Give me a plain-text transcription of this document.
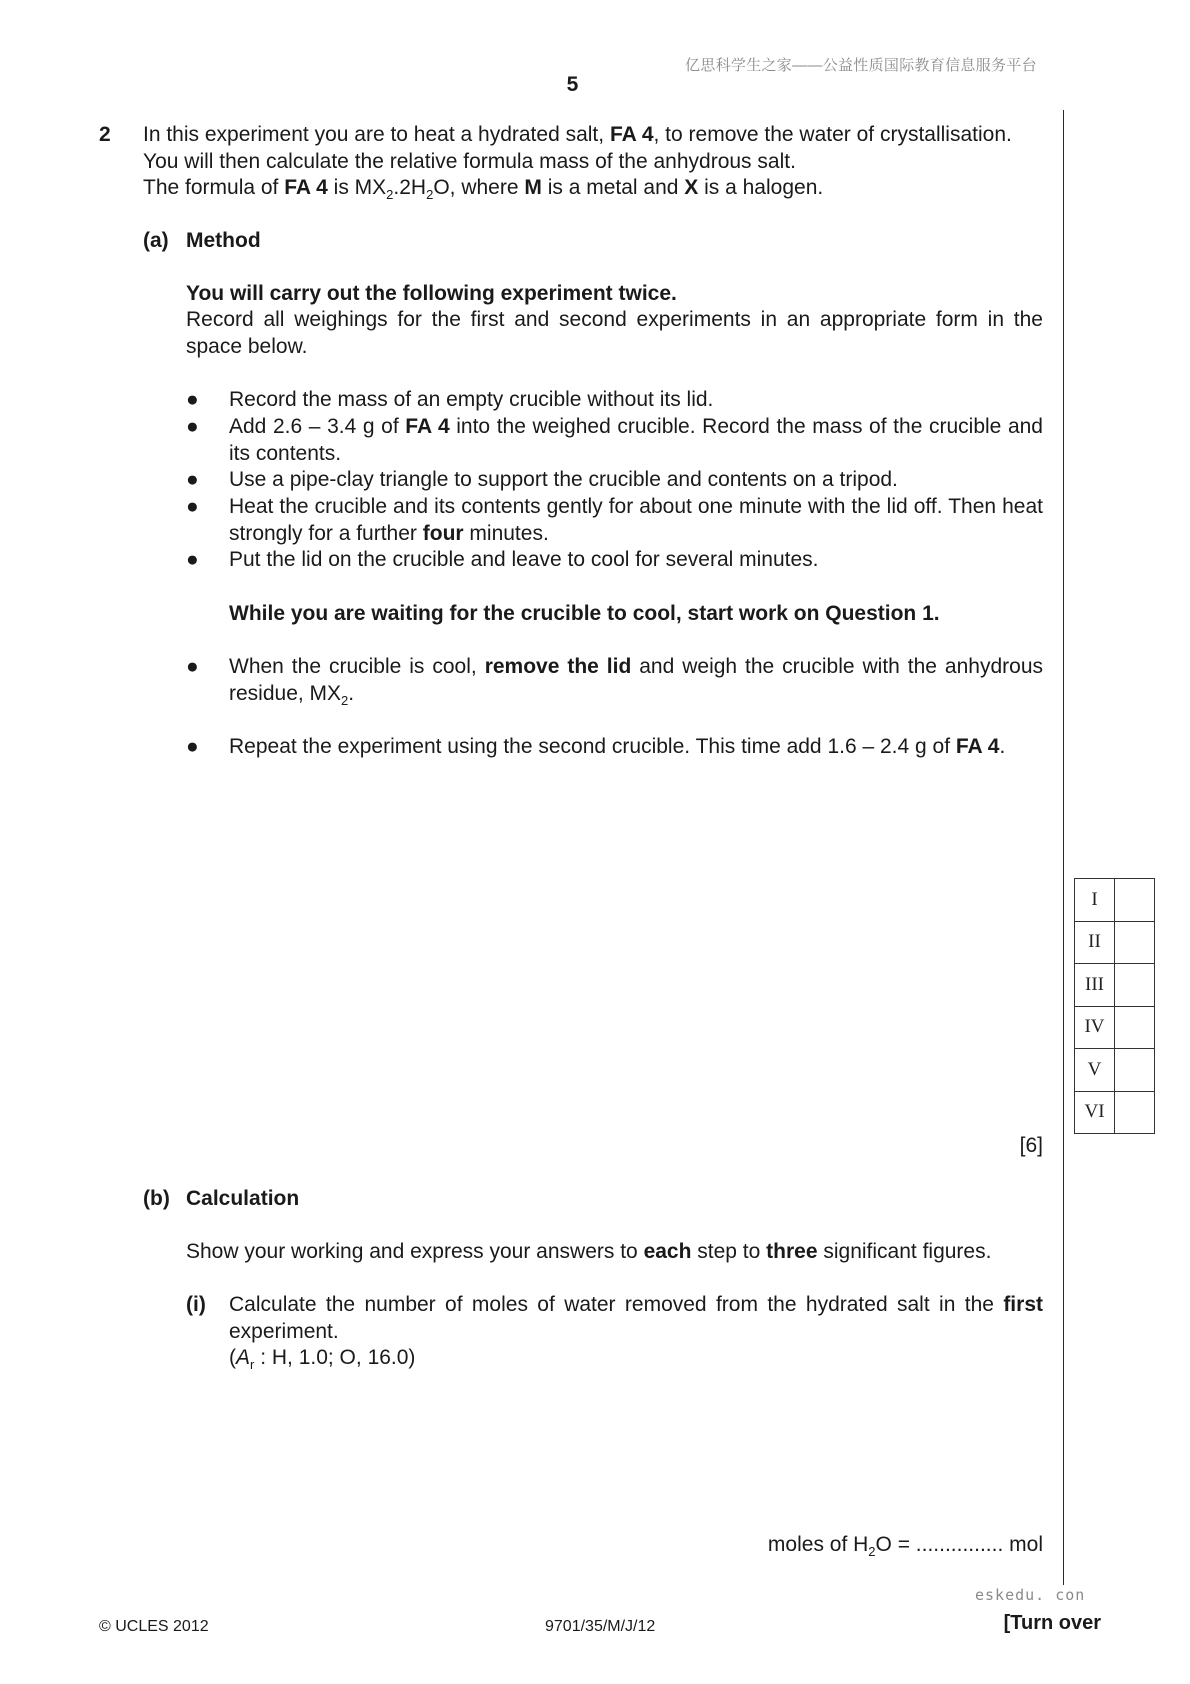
亿思科学生之家——公益性质国际教育信息服务平台
5
2 In this experiment you are to heat a hydrated salt, FA 4, to remove the water of crystallisation.
You will then calculate the relative formula mass of the anhydrous salt.
The formula of FA 4 is $MX_2.2H_2O$, where M is a metal and X is a halogen.
(a) Method
You will carry out the following experiment twice.
Record all weighings for the first and second experiments in an appropriate form in the space below.
●	Record the mass of an empty crucible without its lid.
●	Add 2.6 – 3.4 g of FA 4 into the weighed crucible. Record the mass of the crucible and its contents.
●	Use a pipe-clay triangle to support the crucible and contents on a tripod.
●	Heat the crucible and its contents gently for about one minute with the lid off. Then heat strongly for a further four minutes.
●	Put the lid on the crucible and leave to cool for several minutes.
While you are waiting for the crucible to cool, start work on Question 1.
●	When the crucible is cool, remove the lid and weigh the crucible with the anhydrous residue, $MX_2$.
●	Repeat the experiment using the second crucible. This time add 1.6 – 2.4 g of FA 4.
I	
II	
III	
IV	
V	
VI	
[6]
(b) Calculation
Show your working and express your answers to each step to three significant figures.
(i) Calculate the number of moles of water removed from the hydrated salt in the first experiment.
($A_r$ : H, 1.0; O, 16.0)
moles of $H_2O$ = ............... mol
eskedu. con
© UCLES 2012	9701/35/M/J/12	[Turn over
